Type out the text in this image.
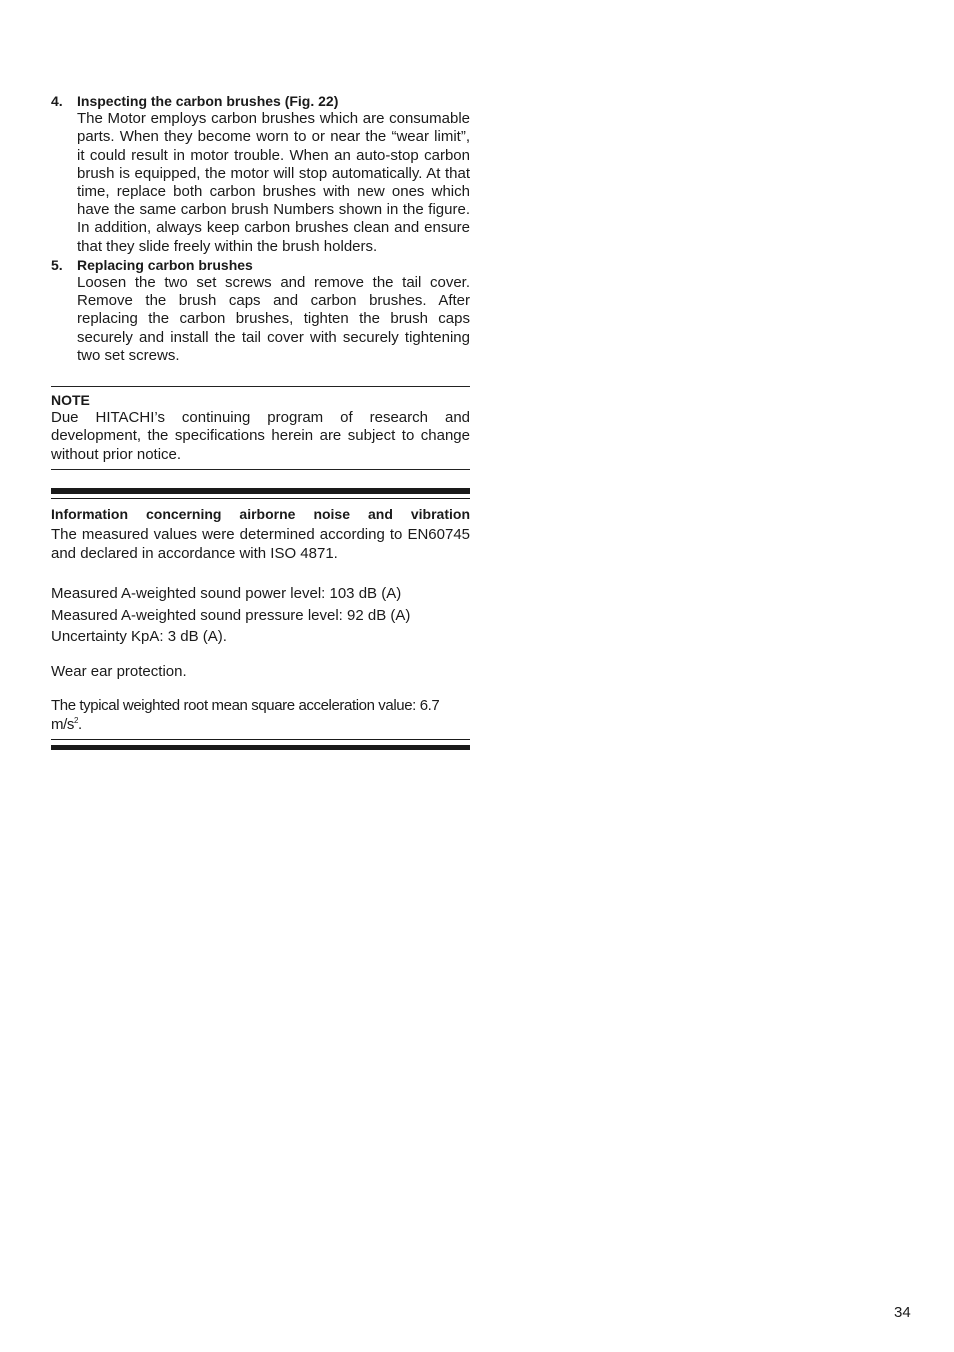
4. Inspecting the carbon brushes (Fig. 22)
The Motor employs carbon brushes which are consumable parts. When they become worn to or near the “wear limit”, it could result in motor trouble. When an auto-stop carbon brush is equipped, the motor will stop automatically. At that time, replace both carbon brushes with new ones which have the same carbon brush Numbers shown in the figure. In addition, always keep carbon brushes clean and ensure that they slide freely within the brush holders.
5. Replacing carbon brushes
Loosen the two set screws and remove the tail cover. Remove the brush caps and carbon brushes. After replacing the carbon brushes, tighten the brush caps securely and install the tail cover with securely tightening two set screws.
NOTE
Due HITACHI’s continuing program of research and development, the specifications herein are subject to change without prior notice.
Information concerning airborne noise and vibration
The measured values were determined according to EN60745 and declared in accordance with ISO 4871.
Measured A-weighted sound power level: 103 dB (A)
Measured A-weighted sound pressure level: 92 dB (A)
Uncertainty KpA: 3 dB (A).
Wear ear protection.
The typical weighted root mean square acceleration value: 6.7 $m/s^2$.
34
